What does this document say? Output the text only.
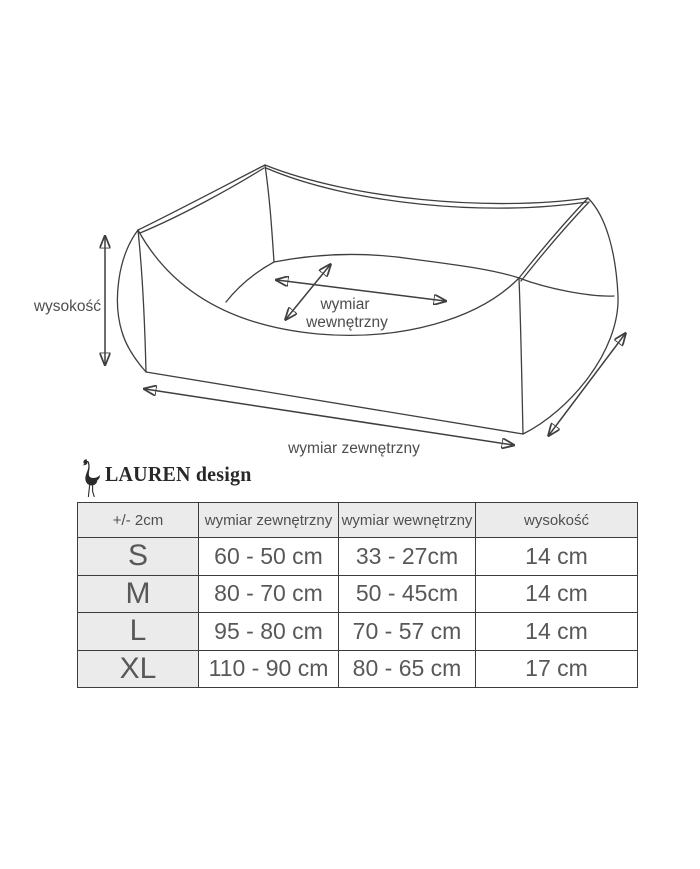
wysokość	wymiar
wewnętrzny
wymiar zewnętrzny
LAUREN design
+/- 2cm	wymiar zewnętrzny	wymiar wewnętrzny	wysokość
S	60 - 50 cm	33 - 27cm	14 cm
M	80 - 70 cm	50 - 45cm	14 cm
L	95 - 80 cm	70 - 57 cm	14 cm
XL	110 - 90 cm	80 - 65 cm	17 cm
